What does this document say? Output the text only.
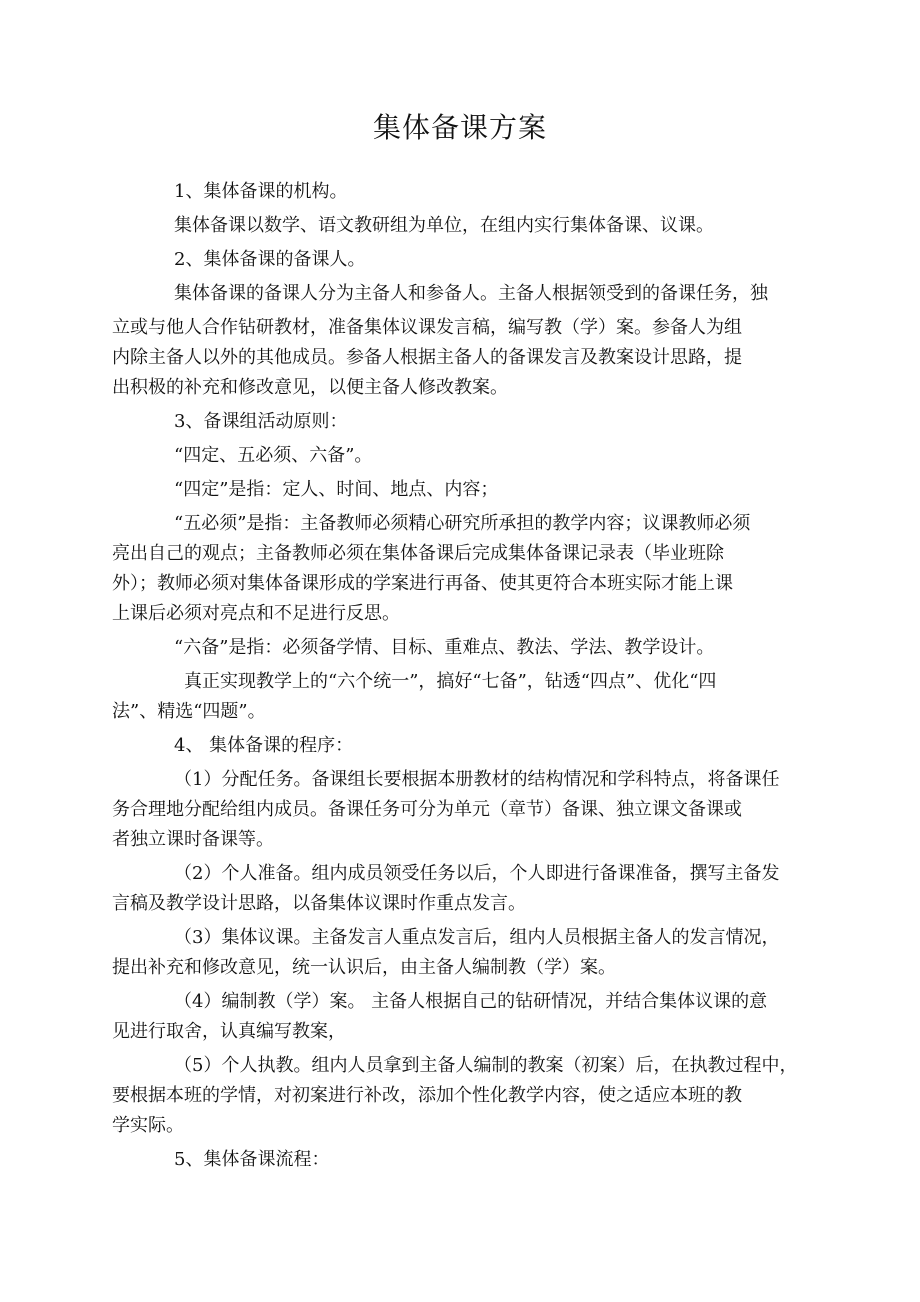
集体备课方案

1、集体备课的机构。

集体备课以数学、语文教研组为单位，在组内实行集体备课、议课。

2、集体备课的备课人。

集体备课的备课人分为主备人和参备人。主备人根据领受到的备课任务，独

立或与他人合作钻研教材，准备集体议课发言稿，编写教（学）案。参备人为组

内除主备人以外的其他成员。参备人根据主备人的备课发言及教案设计思路，提

出积极的补充和修改意见，以便主备人修改教案。

3、备课组活动原则：

“四定、五必须、六备”。

“四定”是指：定人、时间、地点、内容；

“五必须”是指：主备教师必须精心研究所承担的教学内容；议课教师必须

亮出自己的观点；主备教师必须在集体备课后完成集体备课记录表（毕业班除

外）；教师必须对集体备课形成的学案进行再备、使其更符合本班实际才能上课

上课后必须对亮点和不足进行反思。

“六备”是指：必须备学情、目标、重难点、教法、学法、教学设计。

真正实现教学上的“六个统一”，搞好“七备”，钻透“四点”、优化“四

法”、精选“四题”。

4、 集体备课的程序：

（1）分配任务。备课组长要根据本册教材的结构情况和学科特点，将备课任

务合理地分配给组内成员。备课任务可分为单元（章节）备课、独立课文备课或

者独立课时备课等。

（2）个人准备。组内成员领受任务以后，个人即进行备课准备，撰写主备发

言稿及教学设计思路，以备集体议课时作重点发言。

（3）集体议课。主备发言人重点发言后，组内人员根据主备人的发言情况，

提出补充和修改意见，统一认识后，由主备人编制教（学）案。

（4）编制教（学）案。 主备人根据自己的钻研情况，并结合集体议课的意

见进行取舍，认真编写教案，

（5）个人执教。组内人员拿到主备人编制的教案（初案）后，在执教过程中，

要根据本班的学情，对初案进行补改，添加个性化教学内容，使之适应本班的教

学实际。

5、集体备课流程：
